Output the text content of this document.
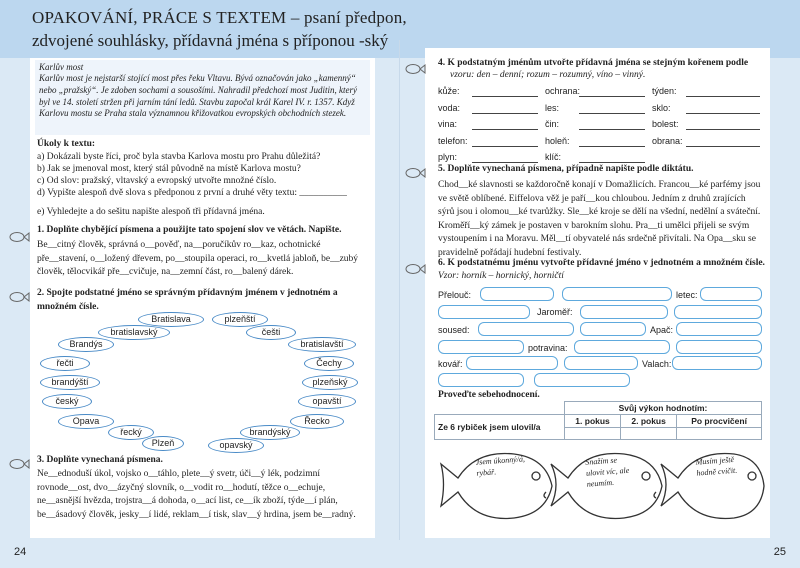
OPAKOVÁNÍ, PRÁCE S TEXTEM – psaní předpon,
zdvojené souhlásky, přídavná jména s příponou -ský
Karlův most
Karlův most je nejstarší stojící most přes řeku Vltavu. Bývá označován jako „kamenný“ nebo „pražský“. Je zdoben sochami a sousošími. Nahradil předchozí most Juditin, který byl ve 14. století stržen při jarním tání ledů. Stavbu započal král Karel IV. r. 1357. Když Karlovu mostu se Praha stala významnou křižovatkou evropských obchodních stezek.
Úkoly k textu:
a) Dokázali byste říci, proč byla stavba Karlova mostu pro Prahu důležitá?
b) Jak se jmenoval most, který stál původně na místě Karlova mostu?
c) Od slov: pražský, vltavský a evropský utvořte množné číslo.
d) Vypište alespoň dvě slova s předponou z první a druhé věty textu: __________
e) Vyhledejte a do sešitu napište alespoň tři přídavná jména.
1. Doplňte chybějící písmena a použijte tato spojení slov ve větách. Napište.
Be__citný člověk, správná o__pověď, na__poručíkův ro__kaz, ochotnické pře__stavení, o__ložený dřevem, po__stoupila operaci, ro__kvetlá jabloň, be__zubý člověk, tělocvikář pře__cvičuje, na__zemní část, ro__balený dárek.
2. Spojte podstatné jméno se správným přídavným jménem v jednotném a množném čísle.
Bratislava	plzeňští
bratislavský	češti
Brandýs	bratislavští
řečti	Čechy
brandýští	plzeňský
český	opavští
Opava	Řecko
řecký	brandýský
Plzeň	opavský
3. Doplňte vynechaná písmena.
Ne__ednoduší úkol, vojsko o__táhlo, plete__ý svetr, úči__ý lék, podzimní rovnode__ost, dvo__ázyčný slovník, o__vodit ro__hodutí, těžce o__echuje, ne__asnější hvězda, trojstra__á dohoda, o__ací list, ce__ík zboží, týde__í plán, be__ásadový člověk, jesky__í lidé, reklam__í tisk, slav__ý hrdina, jsem be__radný.
24
4. K podstatným jménům utvořte přídavná jména se stejným kořenem podle
vzoru: den – denní; rozum – rozumný, víno – vinný.
kůže:	ochrana:	týden:
voda:	les:	sklo:
vina:	čin:	bolest:
telefon:	holeň:	obrana:
plyn:	klíč:
5. Doplňte vynechaná písmena, případně napište podle diktátu.
Chod__ké slavnosti se každoročně konají v Domažlicích. Francou__ké parfémy jsou ve světě oblíbené. Eiffelova věž je paří__kou chloubou. Jedním z druhů zrajících sýrů jsou i olomou__ké tvarůžky. Sle__ké kroje se dělí na všední, nedělní a sváteční. Kroměří__ký zámek je postaven v barokním slohu. Pra__ti umělci přijeli se svým vystoupením i na Moravu. Měl__tí obyvatelé nás srdečně přivítali. Na Opa__sku se pravidelně pořádají hudební festivaly.
6. K podstatnému jménu vytvořte přídavné jméno v jednotném a množném čísle.
Vzor: horník – hornický, horničtí
Přelouč:	letec:
Jaroměř:
soused:	Apač:
potravina:
kovář:	Valach:
Proveďte sebehodnocení.
	Svůj výkon hodnotím:		
Ze 6 rybiček jsem ulovil/a	1. pokus	2. pokus	Po procvičení

Jsem úkonný/á, rybář.
Snažím se ulovit víc, ale neumím.
Musím ještě hodně cvičit.
25
